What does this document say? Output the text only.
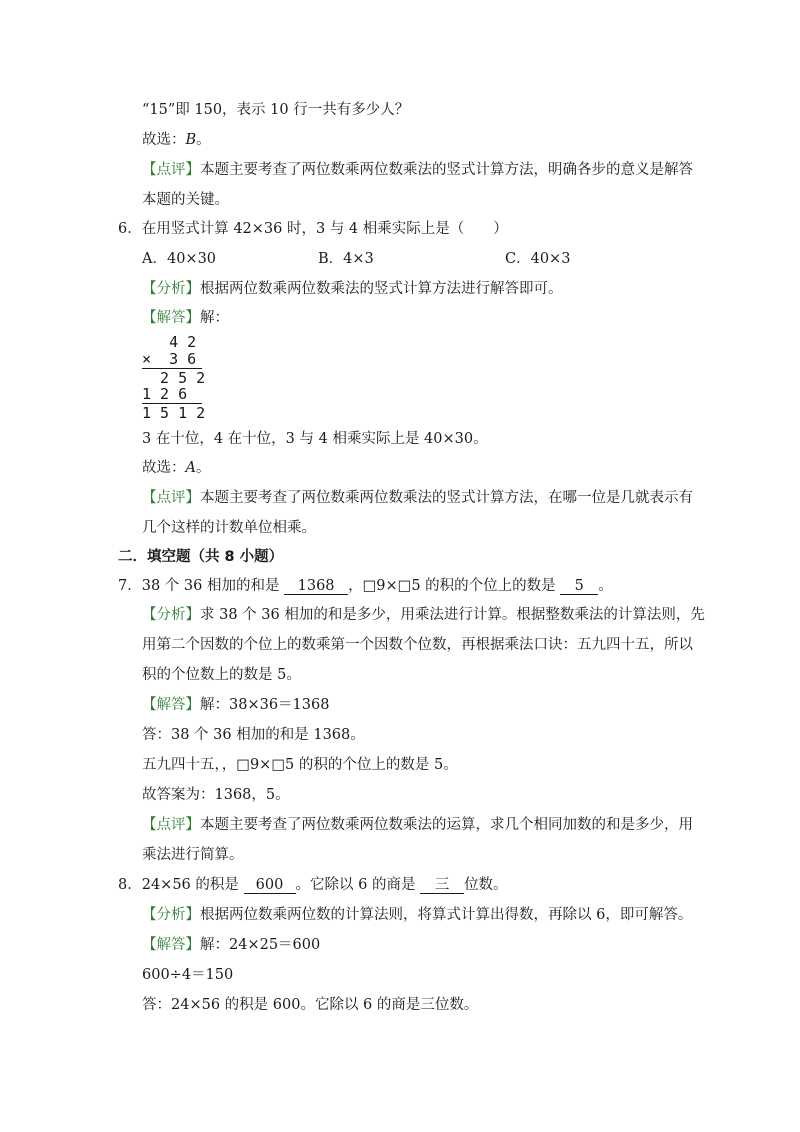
“15”即 150，表示 10 行一共有多少人？
故选：B。
【点评】本题主要考查了两位数乘两位数乘法的竖式计算方法，明确各步的意义是解答
本题的关键。
6．在用竖式计算 42×36 时，3 与 4 相乘实际上是（　　）
A．40×30	B．4×3	C．40×3
【分析】根据两位数乘两位数乘法的竖式计算方法进行解答即可。
【解答】解：
4 2
×  3 6
2 5 2
1 2 6
1 5 1 2
3 在十位，4 在十位，3 与 4 相乘实际上是 40×30。
故选：A。
【点评】本题主要考查了两位数乘两位数乘法的竖式计算方法，在哪一位是几就表示有
几个这样的计数单位相乘。
二．填空题（共 8 小题）
7．38 个 36 相加的和是 1368 ，□9×□5 的积的个位上的数是 5 。
【分析】求 38 个 36 相加的和是多少，用乘法进行计算。根据整数乘法的计算法则，先
用第二个因数的个位上的数乘第一个因数个位数，再根据乘法口诀：五九四十五，所以
积的个位数上的数是 5。
【解答】解：38×36＝1368
答：38 个 36 相加的和是 1368。
五九四十五，，□9×□5 的积的个位上的数是 5。
故答案为：1368，5。
【点评】本题主要考查了两位数乘两位数乘法的运算，求几个相同加数的和是多少，用
乘法进行简算。
8．24×56 的积是 600 。它除以 6 的商是 三 位数。
【分析】根据两位数乘两位数的计算法则，将算式计算出得数，再除以 6，即可解答。
【解答】解：24×25＝600
600÷4＝150
答：24×56 的积是 600。它除以 6 的商是三位数。
